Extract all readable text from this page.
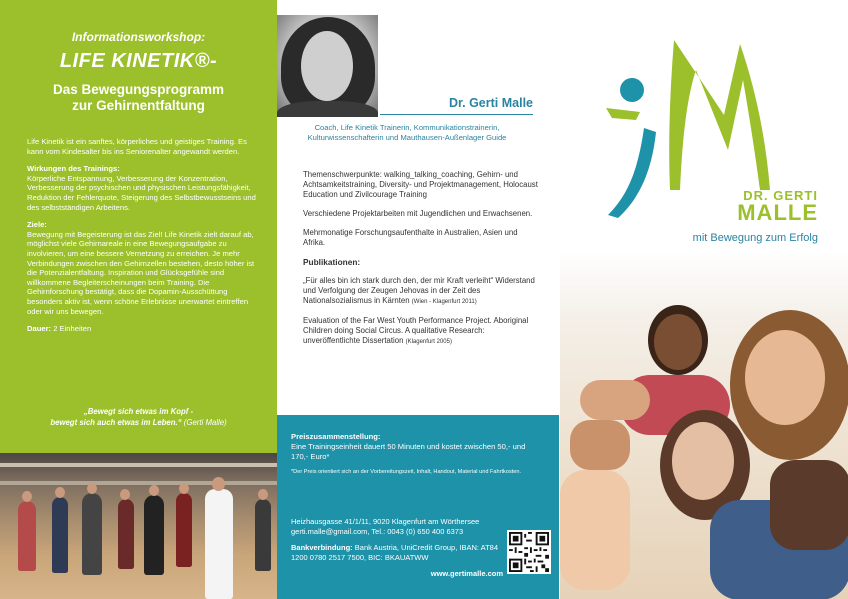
Informationsworkshop:
LIFE KINETIK®-
Das Bewegungsprogramm
zur Gehirnentfaltung

Life Kinetik ist ein sanftes, körperliches und geistiges Training. Es kann vom Kindesalter bis ins Seniorenalter angewandt werden.

Wirkungen des Trainings:
Körperliche Entspannung, Verbesserung der Konzentration, Verbesserung der psychischen und physischen Leistungsfähigkeit, Reduktion der Fehlerquote, Steigerung des Selbstbewusstseins und des selbstständigen Arbeitens.

Ziele:
Bewegung mit Begeisterung ist das Ziel! Life Kinetik zielt darauf ab, möglichst viele Gehirnareale in eine Bewegungsaufgabe zu involvieren, um eine bessere Vernetzung zu erreichen. Je mehr Verbindungen zwischen den Gehirnzellen bestehen, desto höher ist die Potenzialentfaltung. Inspiration und Glücksgefühle sind willkommene Begleiterscheinungen beim Training. Die Gehirnforschung bestätigt, dass die Dopamin-Ausschüttung besonders aktiv ist, wenn schöne Erlebnisse unerwartet eintreffen oder wir uns bewegen.

Dauer: 2 Einheiten

„Bewegt sich etwas im Kopf -
bewegt sich auch etwas im Leben.“ (Gerti Malle)
Dr. Gerti Malle
Coach, Life Kinetik Trainerin, Kommunikationstrainerin,
Kulturwissenschafterin und Mauthausen-Außenlager Guide

Themenschwerpunkte: walking_talking_coaching, Gehirn- und Achtsamkeitstraining, Diversity- und Projektmanagement, Holocaust Education und Zivilcourage Training

Verschiedene Projektarbeiten mit Jugendlichen und Erwachsenen.

Mehrmonatige Forschungsaufenthalte in Australien, Asien und Afrika.

Publikationen:

„Für alles bin ich stark durch den, der mir Kraft verleiht“ Widerstand und Verfolgung der Zeugen Jehovas in der Zeit des Nationalsozialismus in Kärnten (Wien - Klagenfurt 2011)

Evaluation of the Far West Youth Performance Project. Aboriginal Children doing Social Circus. A qualitative Research: unveröffentlichte Dissertation (Klagenfurt 2005)

Preiszusammenstellung:
Eine Trainingseinheit dauert 50 Minuten und kostet zwischen 50,- und 170,- Euro*
*Der Preis orientiert sich an der Vorbereitungszeit, Inhalt, Handout, Material und Fahrtkosten.

Heizhausgasse 41/1/11, 9020 Klagenfurt am Wörthersee
gerti.malle@gmail.com, Tel.: 0043 (0) 650 400 6373

Bankverbindung: Bank Austria, UniCredit Group, IBAN: AT84 1200 0780 2517 7500, BIC: BKAUATWW

www.gertimalle.com
DR. GERTI
MALLE
mit Bewegung zum Erfolg
